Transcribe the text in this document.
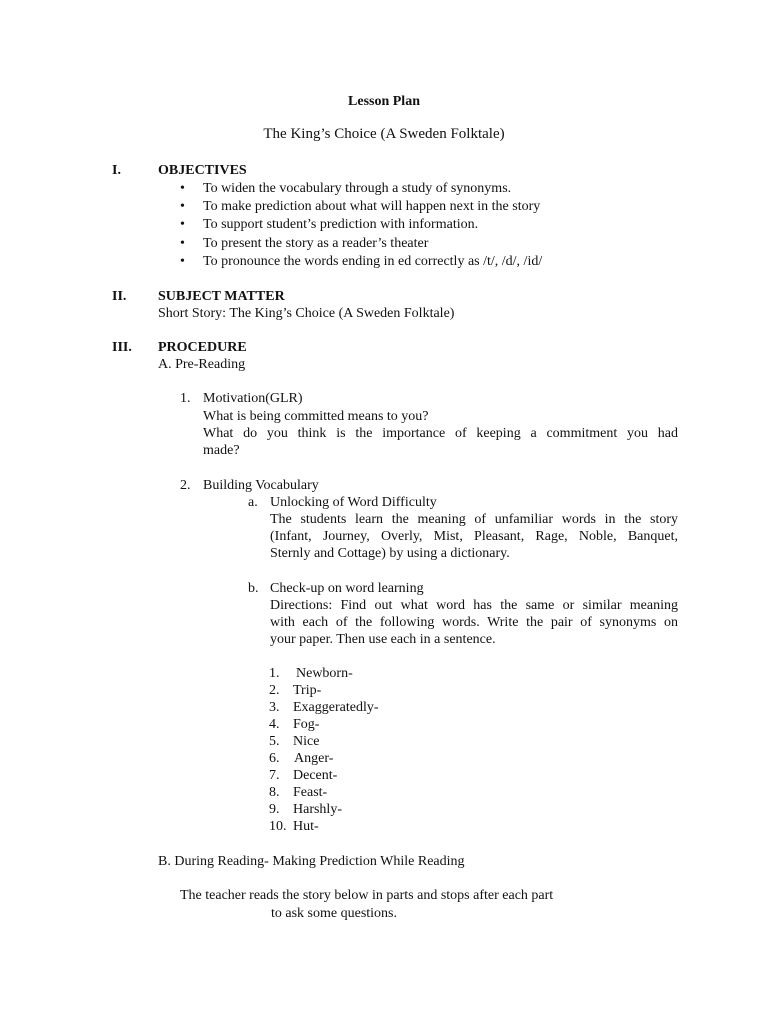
Lesson Plan
The King’s Choice (A Sweden Folktale)
I.	OBJECTIVES
• To widen the vocabulary through a study of synonyms.
• To make prediction about what will happen next in the story
• To support student’s prediction with information.
• To present the story as a reader’s theater
• To pronounce the words ending in ed correctly as /t/, /d/, /id/
II. SUBJECT MATTER
Short Story: The King’s Choice (A Sweden Folktale)
III. PROCEDURE
A. Pre-Reading
1. Motivation(GLR)
What is being committed means to you?
What do you think is the importance of keeping a commitment you had
made?
2. Building Vocabulary
a. Unlocking of Word Difficulty
The students learn the meaning of unfamiliar words in the story
(Infant, Journey, Overly, Mist, Pleasant, Rage, Noble, Banquet,
Sternly and Cottage) by using a dictionary.
b. Check-up on word learning
Directions: Find out what word has the same or similar meaning
with each of the following words. Write the pair of synonyms on
your paper. Then use each in a sentence.
1. Newborn-
2. Trip-
3. Exaggeratedly-
4. Fog-
5. Nice
6. Anger-
7. Decent-
8. Feast-
9. Harshly-
10. Hut-
B. During Reading- Making Prediction While Reading
The teacher reads the story below in parts and stops after each part
to ask some questions.
